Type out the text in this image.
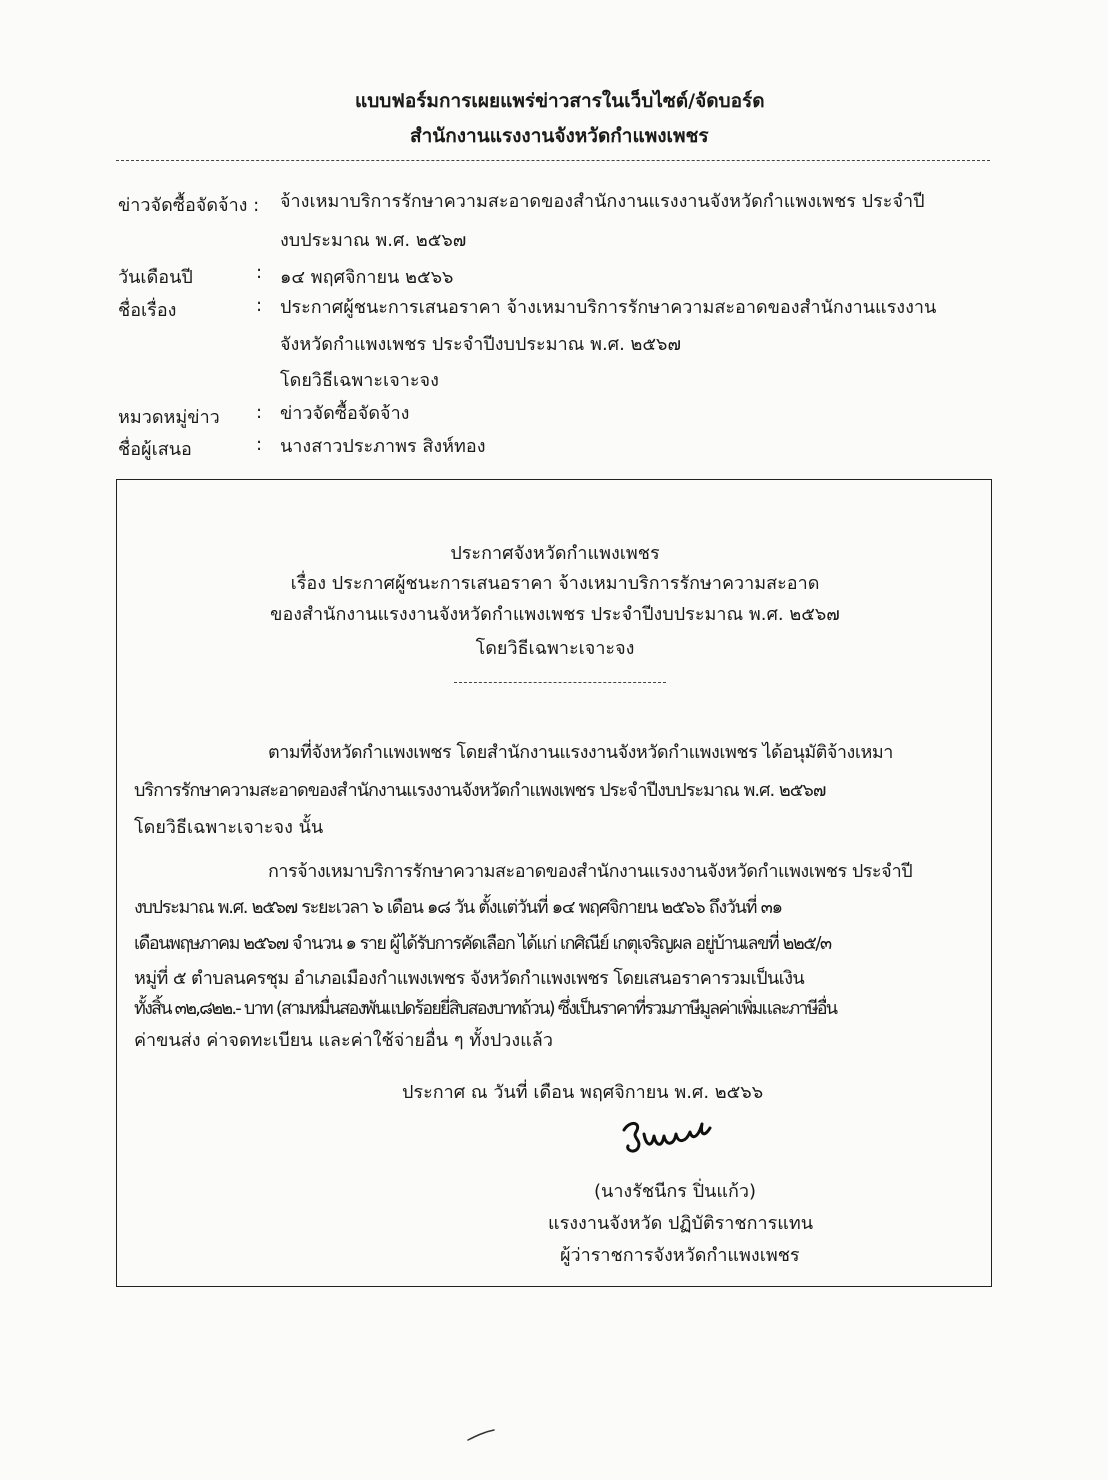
แบบฟอร์มการเผยแพร่ข่าวสารในเว็บไซต์/จัดบอร์ด
สำนักงานแรงงานจังหวัดกำแพงเพชร
ข่าวจัดซื้อจัดจ้าง : จ้างเหมาบริการรักษาความสะอาดของสำนักงานแรงงานจังหวัดกำแพงเพชร ประจำปี
งบประมาณ พ.ศ. ๒๕๖๗
วันเดือนปี	: ๑๔ พฤศจิกายน ๒๕๖๖
ชื่อเรื่อง	: ประกาศผู้ชนะการเสนอราคา จ้างเหมาบริการรักษาความสะอาดของสำนักงานแรงงาน
จังหวัดกำแพงเพชร ประจำปีงบประมาณ พ.ศ. ๒๕๖๗
โดยวิธีเฉพาะเจาะจง
หมวดหมู่ข่าว : ข่าวจัดซื้อจัดจ้าง
ชื่อผู้เสนอ	: นางสาวประภาพร สิงห์ทอง
ประกาศจังหวัดกำแพงเพชร
เรื่อง ประกาศผู้ชนะการเสนอราคา จ้างเหมาบริการรักษาความสะอาด
ของสำนักงานแรงงานจังหวัดกำแพงเพชร ประจำปีงบประมาณ พ.ศ. ๒๕๖๗
โดยวิธีเฉพาะเจาะจง
ตามที่จังหวัดกำแพงเพชร โดยสำนักงานแรงงานจังหวัดกำแพงเพชร ได้อนุมัติจ้างเหมา
บริการรักษาความสะอาดของสำนักงานแรงงานจังหวัดกำแพงเพชร ประจำปีงบประมาณ พ.ศ. ๒๕๖๗
โดยวิธีเฉพาะเจาะจง นั้น
การจ้างเหมาบริการรักษาความสะอาดของสำนักงานแรงงานจังหวัดกำแพงเพชร ประจำปี
งบประมาณ พ.ศ. ๒๕๖๗ ระยะเวลา ๖ เดือน ๑๘ วัน ตั้งแต่วันที่ ๑๔ พฤศจิกายน ๒๕๖๖ ถึงวันที่ ๓๑
เดือนพฤษภาคม ๒๕๖๗ จำนวน ๑ ราย ผู้ได้รับการคัดเลือก ได้แก่ เกศิณีย์ เกตุเจริญผล อยู่บ้านเลขที่ ๒๒๕/๓
หมู่ที่ ๕ ตำบลนครชุม อำเภอเมืองกำแพงเพชร จังหวัดกำแพงเพชร โดยเสนอราคารวมเป็นเงิน
ทั้งสิ้น ๓๒,๘๒๒.- บาท (สามหมื่นสองพันแปดร้อยยี่สิบสองบาทถ้วน) ซึ่งเป็นราคาที่รวมภาษีมูลค่าเพิ่มและภาษีอื่น
ค่าขนส่ง ค่าจดทะเบียน และค่าใช้จ่ายอื่น ๆ ทั้งปวงแล้ว
ประกาศ ณ วันที่ เดือน พฤศจิกายน พ.ศ. ๒๕๖๖
(นางรัชนีกร ปิ่นแก้ว)
แรงงานจังหวัด ปฏิบัติราชการแทน
ผู้ว่าราชการจังหวัดกำแพงเพชร
